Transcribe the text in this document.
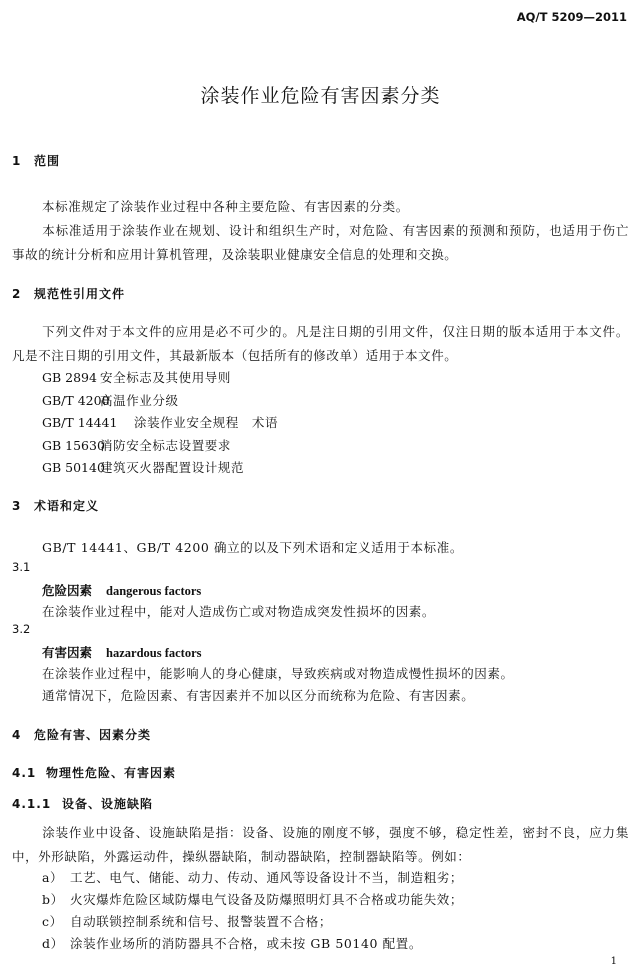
AQ/T 5209—2011
涂装作业危险有害因素分类
1 范围
本标准规定了涂装作业过程中各种主要危险、有害因素的分类。
本标准适用于涂装作业在规划、设计和组织生产时，对危险、有害因素的预测和预防，也适用于伤亡事故的统计分析和应用计算机管理，及涂装职业健康安全信息的处理和交换。
2 规范性引用文件
下列文件对于本文件的应用是必不可少的。凡是注日期的引用文件，仅注日期的版本适用于本文件。凡是不注日期的引用文件，其最新版本（包括所有的修改单）适用于本文件。
GB 2894 安全标志及其使用导则
GB/T 4200高温作业分级
GB/T 14441 涂装作业安全规程　术语
GB 15630消防安全标志设置要求
GB 50140建筑灭火器配置设计规范
3 术语和定义
GB/T 14441、GB/T 4200 确立的以及下列术语和定义适用于本标准。
3.1
危险因素 dangerous factors
在涂装作业过程中，能对人造成伤亡或对物造成突发性损坏的因素。
3.2
有害因素 hazardous factors
在涂装作业过程中，能影响人的身心健康，导致疾病或对物造成慢性损坏的因素。
通常情况下，危险因素、有害因素并不加以区分而统称为危险、有害因素。
4 危险有害、因素分类
4.1 物理性危险、有害因素
4.1.1 设备、设施缺陷
涂装作业中设备、设施缺陷是指：设备、设施的刚度不够，强度不够，稳定性差，密封不良，应力集中，外形缺陷，外露运动件，操纵器缺陷，制动器缺陷，控制器缺陷等。例如：
a） 工艺、电气、储能、动力、传动、通风等设备设计不当，制造粗劣；
b） 火灾爆炸危险区域防爆电气设备及防爆照明灯具不合格或功能失效；
c） 自动联锁控制系统和信号、报警装置不合格；
d） 涂装作业场所的消防器具不合格，或未按 GB 50140 配置。
1
